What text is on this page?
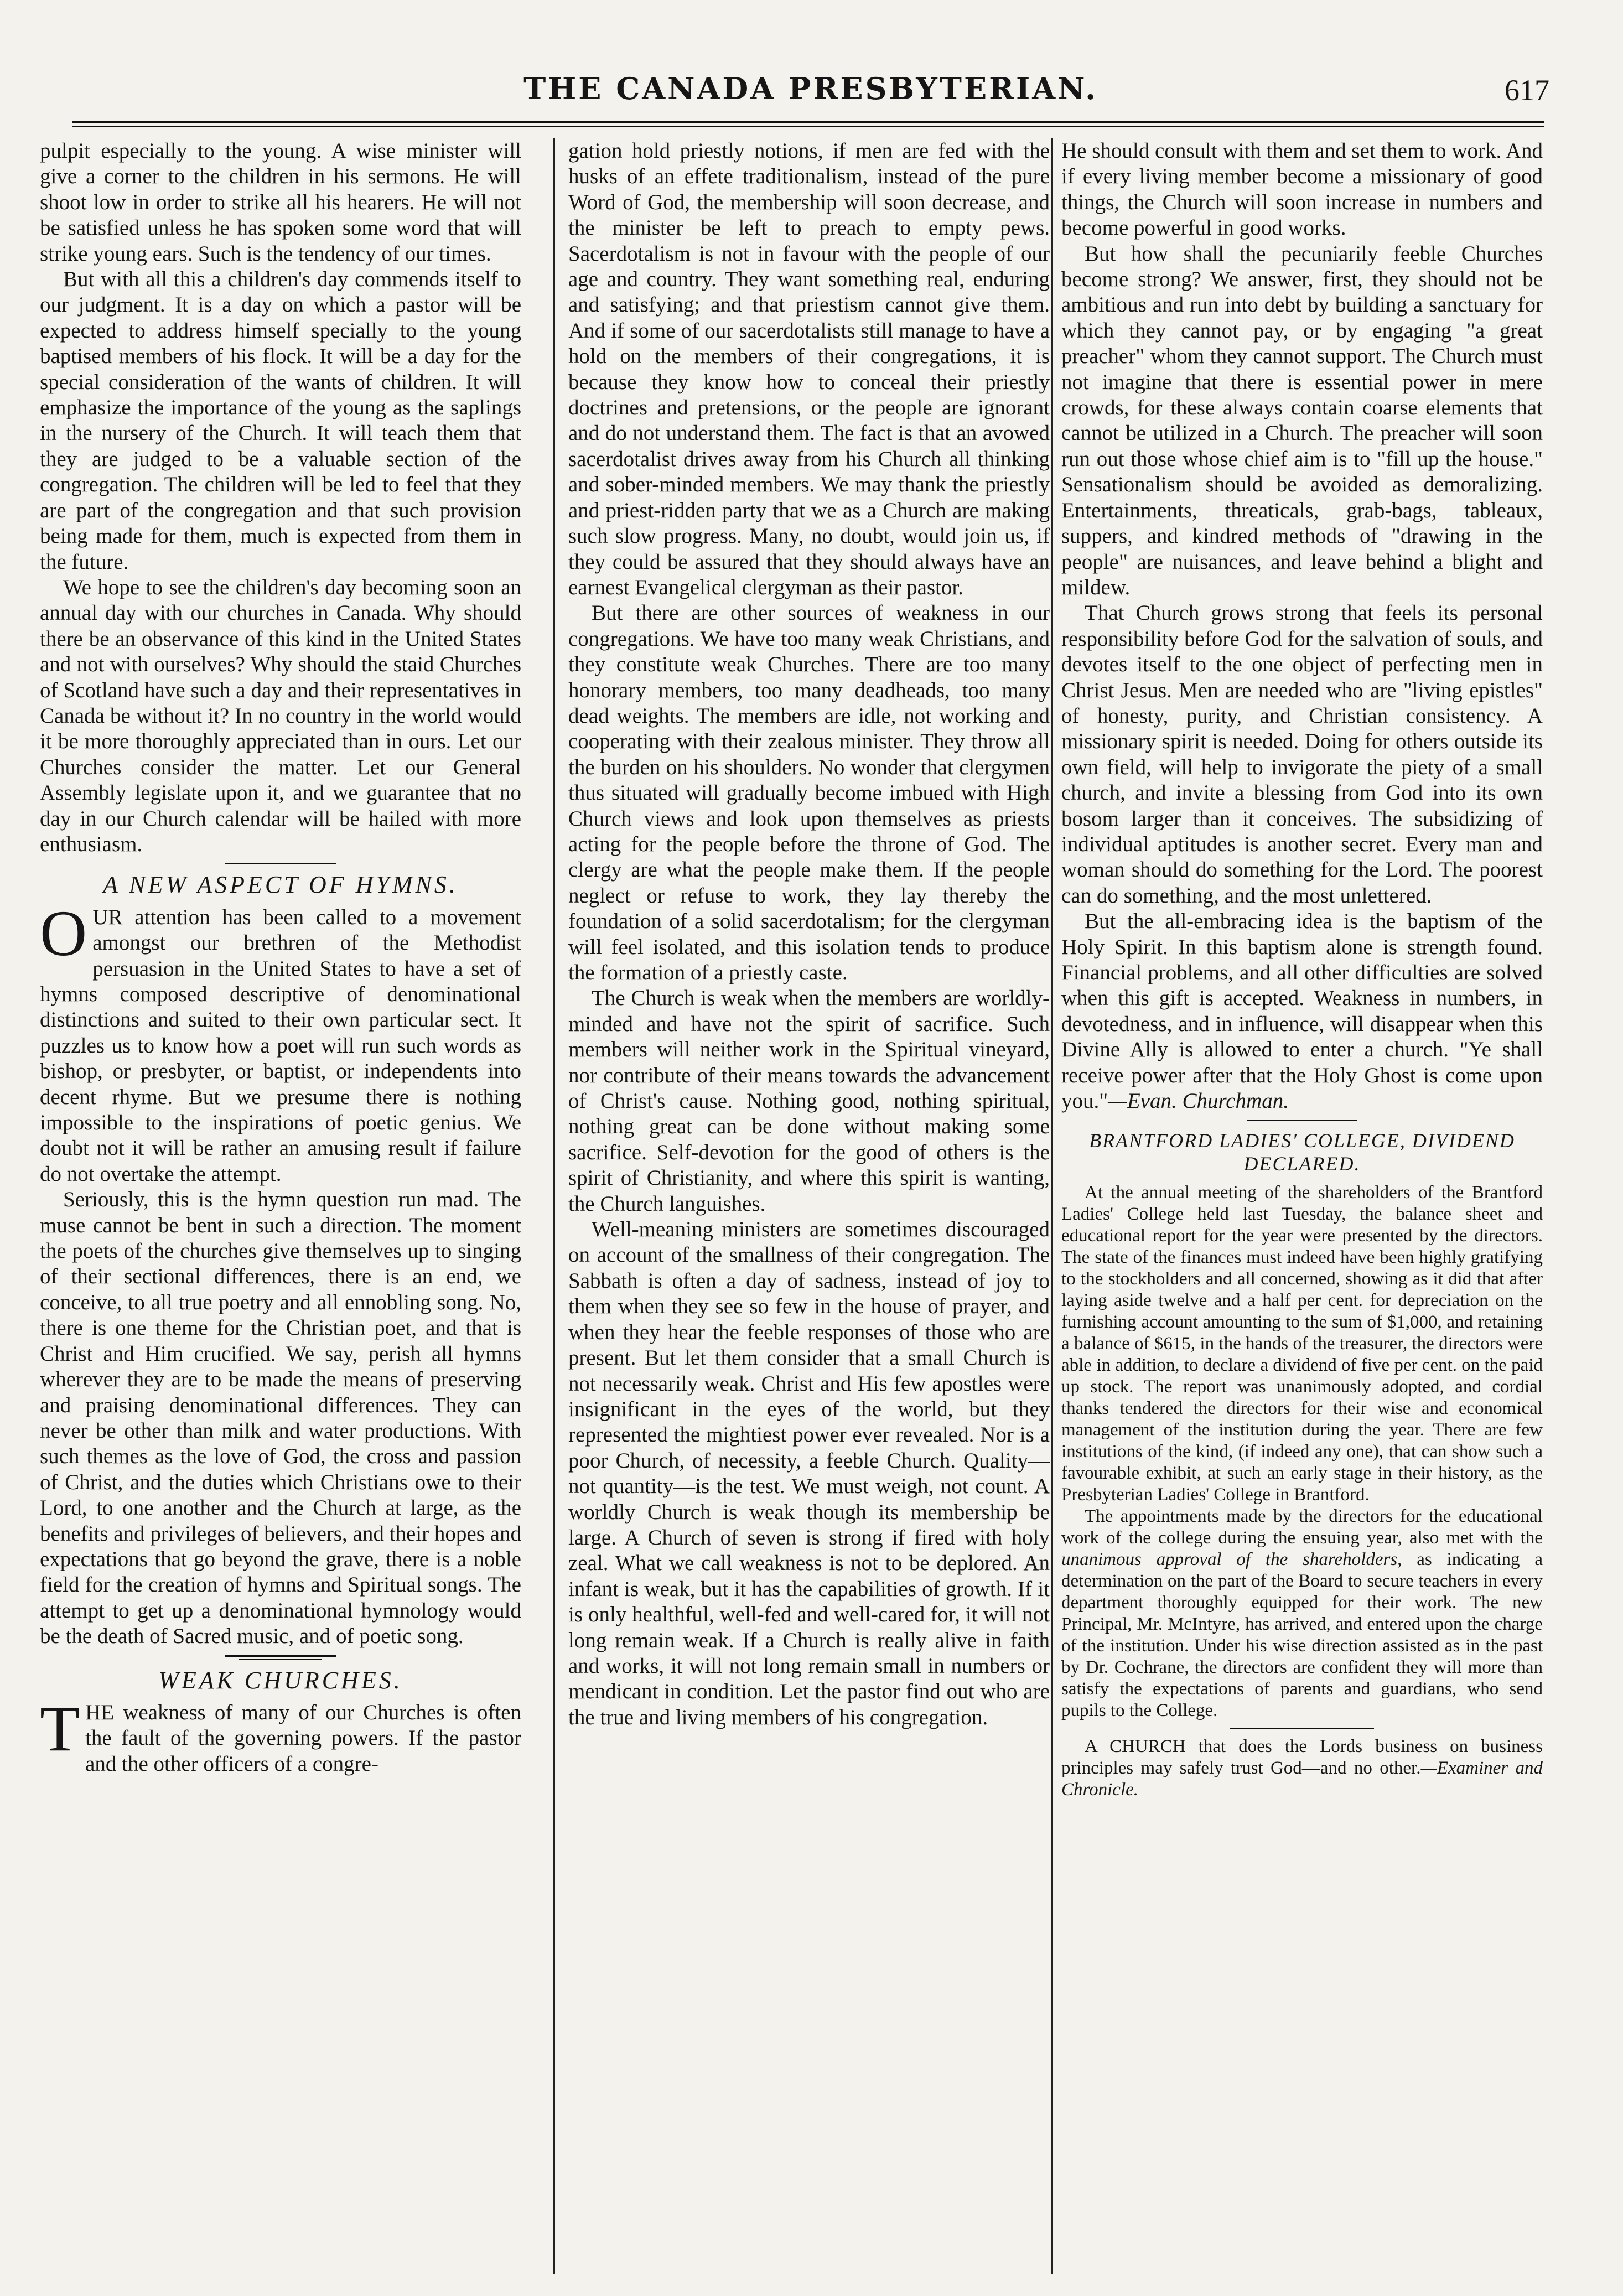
THE CANADA PRESBYTERIAN.	617

pulpit especially to the young. A wise minister will give a corner to the children in his sermons. He will shoot low in order to strike all his hearers. He will not be satisfied unless he has spoken some word that will strike young ears. Such is the tendency of our times.

But with all this a children's day commends itself to our judgment. It is a day on which a pastor will be expected to address himself specially to the young baptised members of his flock. It will be a day for the special consideration of the wants of children. It will emphasize the importance of the young as the saplings in the nursery of the Church. It will teach them that they are judged to be a valuable section of the congregation. The children will be led to feel that they are part of the congregation and that such provision being made for them, much is expected from them in the future.

We hope to see the children's day becoming soon an annual day with our churches in Canada. Why should there be an observance of this kind in the United States and not with ourselves? Why should the staid Churches of Scotland have such a day and their representatives in Canada be without it? In no country in the world would it be more thoroughly appreciated than in ours. Let our Churches consider the matter. Let our General Assembly legislate upon it, and we guarantee that no day in our Church calendar will be hailed with more enthusiasm.

A NEW ASPECT OF HYMNS.

OUR attention has been called to a movement amongst our brethren of the Methodist persuasion in the United States to have a set of hymns composed descriptive of denominational distinctions and suited to their own particular sect. It puzzles us to know how a poet will run such words as bishop, or presbyter, or baptist, or independents into decent rhyme. But we presume there is nothing impossible to the inspirations of poetic genius. We doubt not it will be rather an amusing result if failure do not overtake the attempt.

Seriously, this is the hymn question run mad. The muse cannot be bent in such a direction. The moment the poets of the churches give themselves up to singing of their sectional differences, there is an end, we conceive, to all true poetry and all ennobling song. No, there is one theme for the Christian poet, and that is Christ and Him crucified. We say, perish all hymns wherever they are to be made the means of preserving and praising denominational differences. They can never be other than milk and water productions. With such themes as the love of God, the cross and passion of Christ, and the duties which Christians owe to their Lord, to one another and the Church at large, as the benefits and privileges of believers, and their hopes and expectations that go beyond the grave, there is a noble field for the creation of hymns and Spiritual songs. The attempt to get up a denominational hymnology would be the death of Sacred music, and of poetic song.

WEAK CHURCHES.

THE weakness of many of our Churches is often the fault of the governing powers. If the pastor and the other officers of a congre-

gation hold priestly notions, if men are fed with the husks of an effete traditionalism, instead of the pure Word of God, the membership will soon decrease, and the minister be left to preach to empty pews. Sacerdotalism is not in favour with the people of our age and country. They want something real, enduring and satisfying; and that priestism cannot give them. And if some of our sacerdotalists still manage to have a hold on the members of their congregations, it is because they know how to conceal their priestly doctrines and pretensions, or the people are ignorant and do not understand them. The fact is that an avowed sacerdotalist drives away from his Church all thinking and sober-minded members. We may thank the priestly and priest-ridden party that we as a Church are making such slow progress. Many, no doubt, would join us, if they could be assured that they should always have an earnest Evangelical clergyman as their pastor.

But there are other sources of weakness in our congregations. We have too many weak Christians, and they constitute weak Churches. There are too many honorary members, too many deadheads, too many dead weights. The members are idle, not working and cooperating with their zealous minister. They throw all the burden on his shoulders. No wonder that clergymen thus situated will gradually become imbued with High Church views and look upon themselves as priests acting for the people before the throne of God. The clergy are what the people make them. If the people neglect or refuse to work, they lay thereby the foundation of a solid sacerdotalism; for the clergyman will feel isolated, and this isolation tends to produce the formation of a priestly caste.

The Church is weak when the members are worldly-minded and have not the spirit of sacrifice. Such members will neither work in the Spiritual vineyard, nor contribute of their means towards the advancement of Christ's cause. Nothing good, nothing spiritual, nothing great can be done without making some sacrifice. Self-devotion for the good of others is the spirit of Christianity, and where this spirit is wanting, the Church languishes.

Well-meaning ministers are sometimes discouraged on account of the smallness of their congregation. The Sabbath is often a day of sadness, instead of joy to them when they see so few in the house of prayer, and when they hear the feeble responses of those who are present. But let them consider that a small Church is not necessarily weak. Christ and His few apostles were insignificant in the eyes of the world, but they represented the mightiest power ever revealed. Nor is a poor Church, of necessity, a feeble Church. Quality—not quantity—is the test. We must weigh, not count. A worldly Church is weak though its membership be large. A Church of seven is strong if fired with holy zeal. What we call weakness is not to be deplored. An infant is weak, but it has the capabilities of growth. If it is only healthful, well-fed and well-cared for, it will not long remain weak. If a Church is really alive in faith and works, it will not long remain small in numbers or mendicant in condition. Let the pastor find out who are the true and living members of his congregation.

He should consult with them and set them to work. And if every living member become a missionary of good things, the Church will soon increase in numbers and become powerful in good works.

But how shall the pecuniarily feeble Churches become strong? We answer, first, they should not be ambitious and run into debt by building a sanctuary for which they cannot pay, or by engaging "a great preacher" whom they cannot support. The Church must not imagine that there is essential power in mere crowds, for these always contain coarse elements that cannot be utilized in a Church. The preacher will soon run out those whose chief aim is to "fill up the house." Sensationalism should be avoided as demoralizing. Entertainments, threaticals, grab-bags, tableaux, suppers, and kindred methods of "drawing in the people" are nuisances, and leave behind a blight and mildew.

That Church grows strong that feels its personal responsibility before God for the salvation of souls, and devotes itself to the one object of perfecting men in Christ Jesus. Men are needed who are "living epistles" of honesty, purity, and Christian consistency. A missionary spirit is needed. Doing for others outside its own field, will help to invigorate the piety of a small church, and invite a blessing from God into its own bosom larger than it conceives. The subsidizing of individual aptitudes is another secret. Every man and woman should do something for the Lord. The poorest can do something, and the most unlettered.

But the all-embracing idea is the baptism of the Holy Spirit. In this baptism alone is strength found. Financial problems, and all other difficulties are solved when this gift is accepted. Weakness in numbers, in devotedness, and in influence, will disappear when this Divine Ally is allowed to enter a church. "Ye shall receive power after that the Holy Ghost is come upon you."—Evan. Churchman.

BRANTFORD LADIES' COLLEGE, DIVIDEND DECLARED.

At the annual meeting of the shareholders of the Brantford Ladies' College held last Tuesday, the balance sheet and educational report for the year were presented by the directors. The state of the finances must indeed have been highly gratifying to the stockholders and all concerned, showing as it did that after laying aside twelve and a half per cent. for depreciation on the furnishing account amounting to the sum of $1,000, and retaining a balance of $615, in the hands of the treasurer, the directors were able in addition, to declare a dividend of five per cent. on the paid up stock. The report was unanimously adopted, and cordial thanks tendered the directors for their wise and economical management of the institution during the year. There are few institutions of the kind, (if indeed any one), that can show such a favourable exhibit, at such an early stage in their history, as the Presbyterian Ladies' College in Brantford.

The appointments made by the directors for the educational work of the college during the ensuing year, also met with the unanimous approval of the shareholders, as indicating a determination on the part of the Board to secure teachers in every department thoroughly equipped for their work. The new Principal, Mr. McIntyre, has arrived, and entered upon the charge of the institution. Under his wise direction assisted as in the past by Dr. Cochrane, the directors are confident they will more than satisfy the expectations of parents and guardians, who send pupils to the College.

A CHURCH that does the Lords business on business principles may safely trust God—and no other.—Examiner and Chronicle.
